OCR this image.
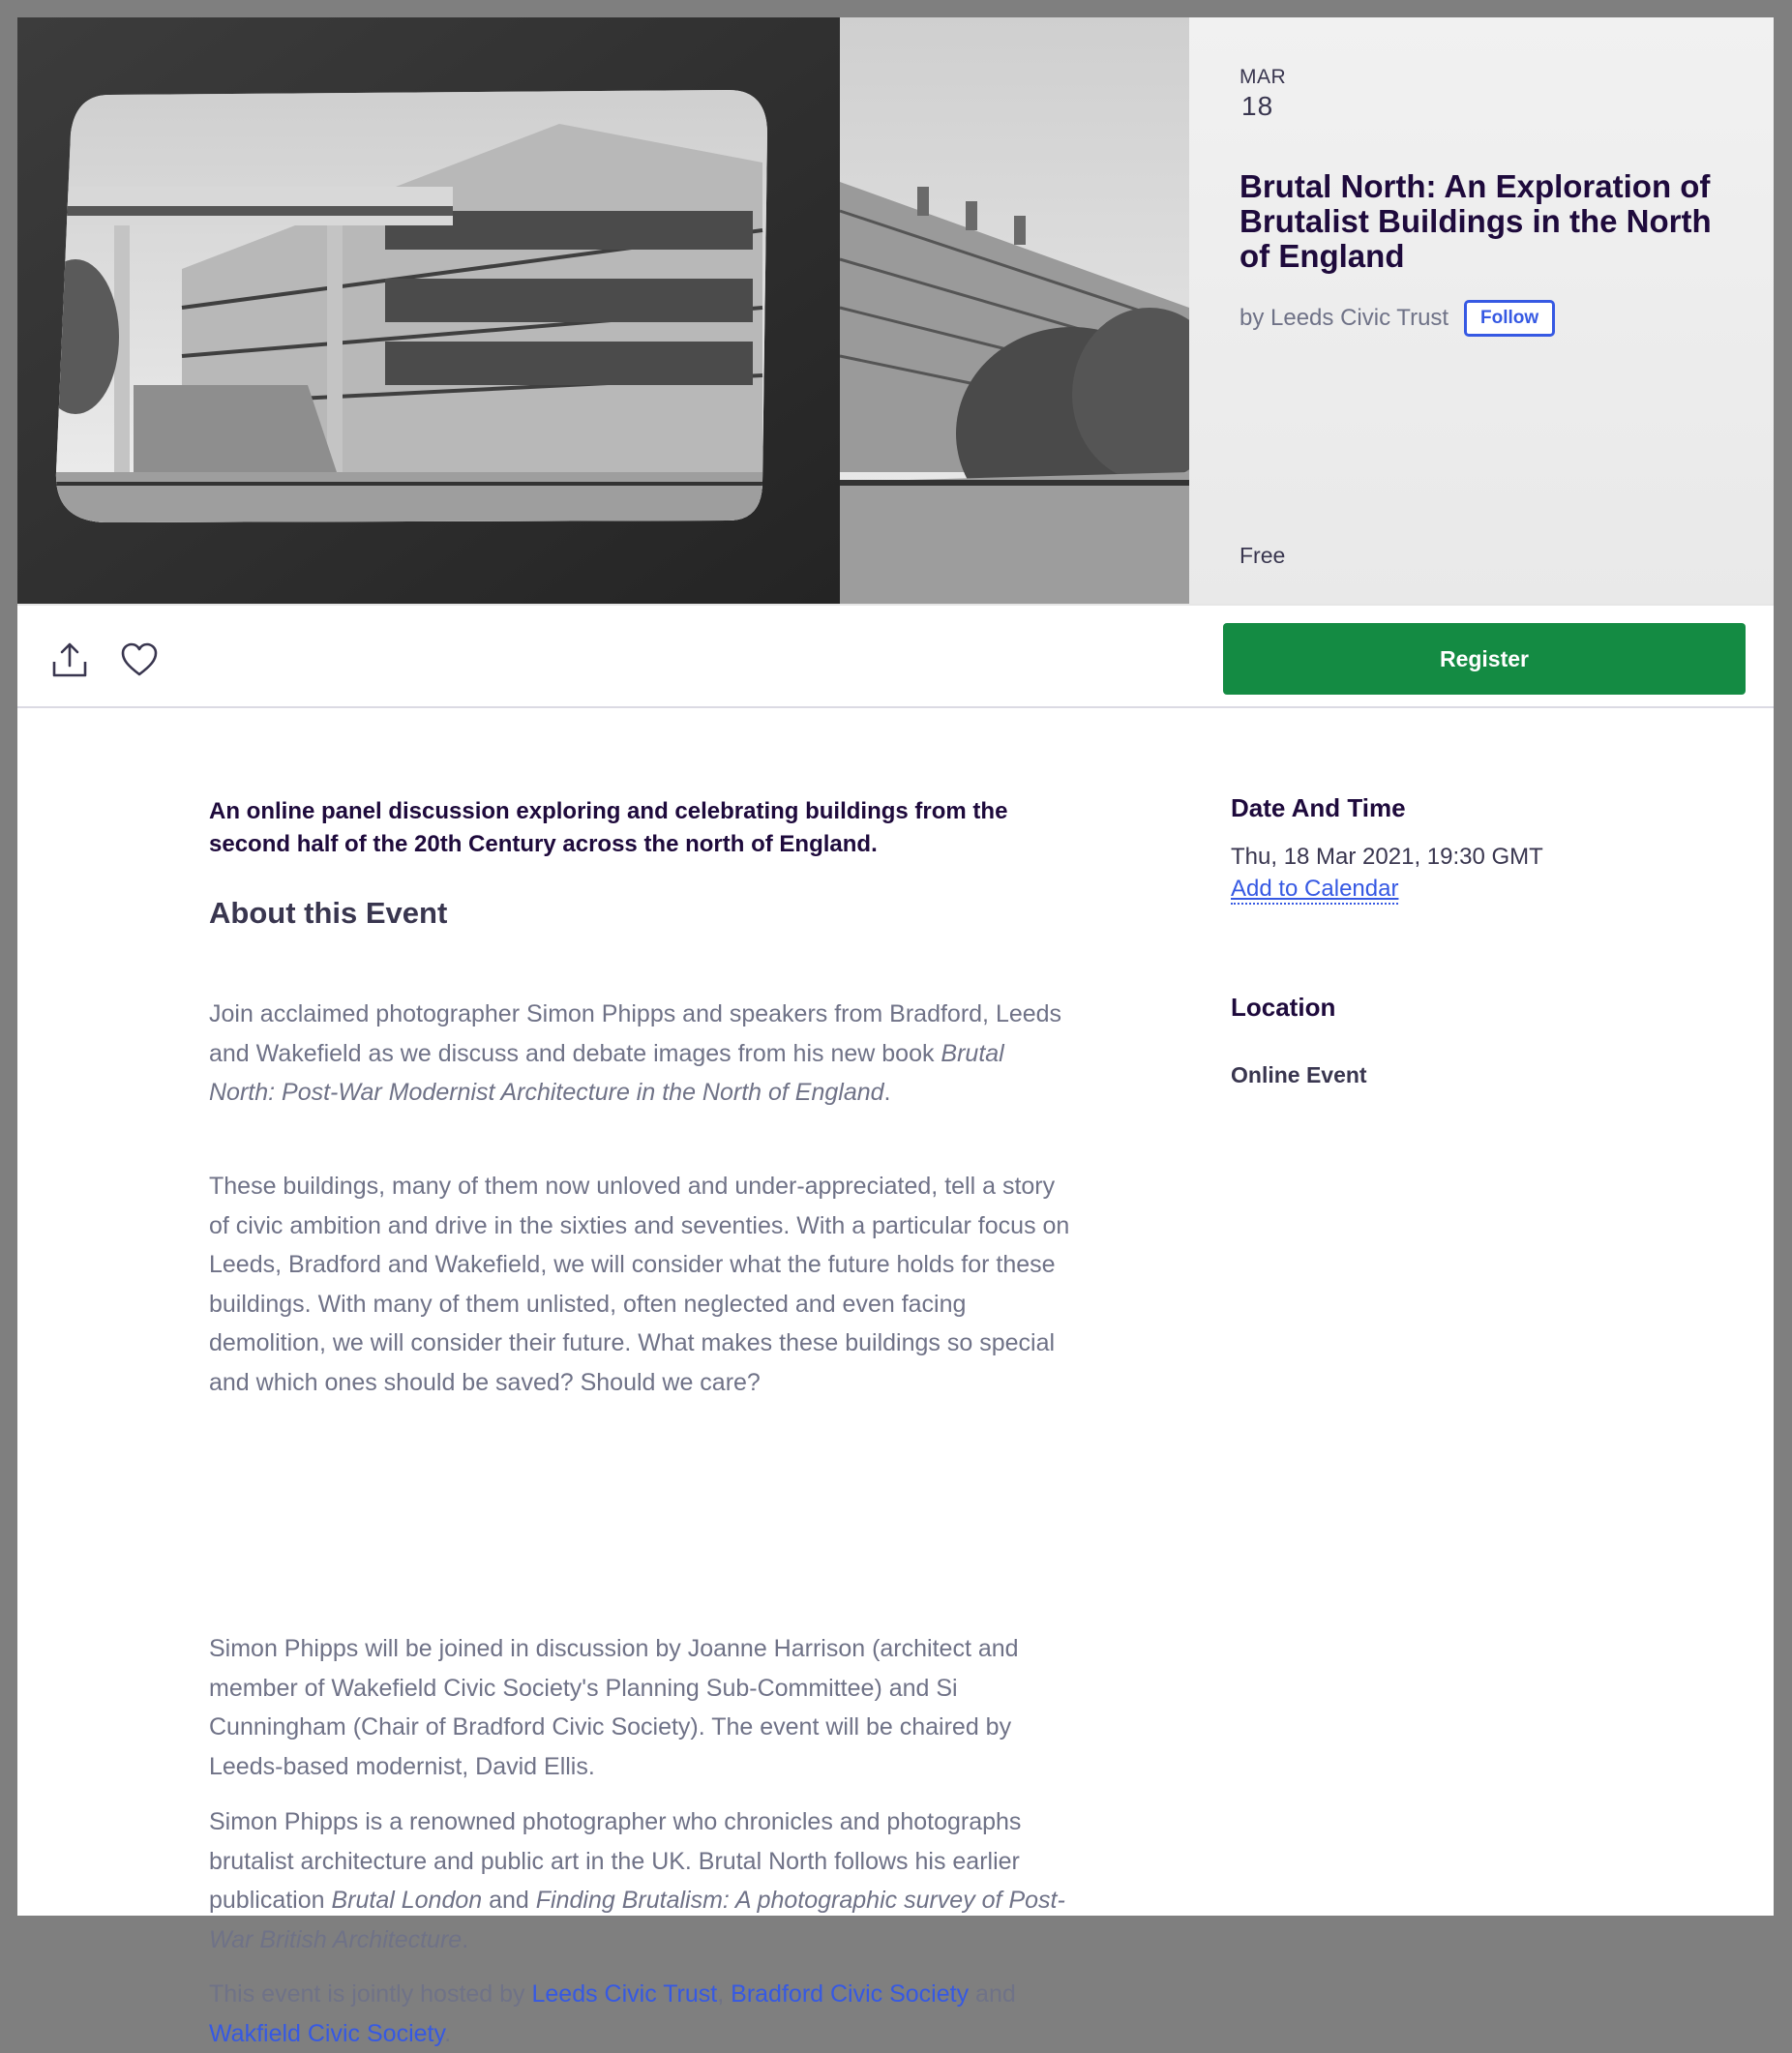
MAR
18
Brutal North: An Exploration of Brutalist Buildings in the North of England
by Leeds Civic Trust	Follow
Free
Register

An online panel discussion exploring and celebrating buildings from the second half of the 20th Century across the north of England.

About this Event

Join acclaimed photographer Simon Phipps and speakers from Bradford, Leeds and Wakefield as we discuss and debate images from his new book Brutal North: Post-War Modernist Architecture in the North of England.

These buildings, many of them now unloved and under-appreciated, tell a story of civic ambition and drive in the sixties and seventies. With a particular focus on Leeds, Bradford and Wakefield, we will consider what the future holds for these buildings. With many of them unlisted, often neglected and even facing demolition, we will consider their future. What makes these buildings so special and which ones should be saved? Should we care?

Simon Phipps will be joined in discussion by Joanne Harrison (architect and member of Wakefield Civic Society's Planning Sub-Committee) and Si Cunningham (Chair of Bradford Civic Society). The event will be chaired by Leeds-based modernist, David Ellis.

Simon Phipps is a renowned photographer who chronicles and photographs brutalist architecture and public art in the UK. Brutal North follows his earlier publication Brutal London and Finding Brutalism: A photographic survey of Post-War British Architecture.

This event is jointly hosted by Leeds Civic Trust, Bradford Civic Society and Wakfield Civic Society.

Date And Time
Thu, 18 Mar 2021, 19:30 GMT
Add to Calendar
Location
Online Event
